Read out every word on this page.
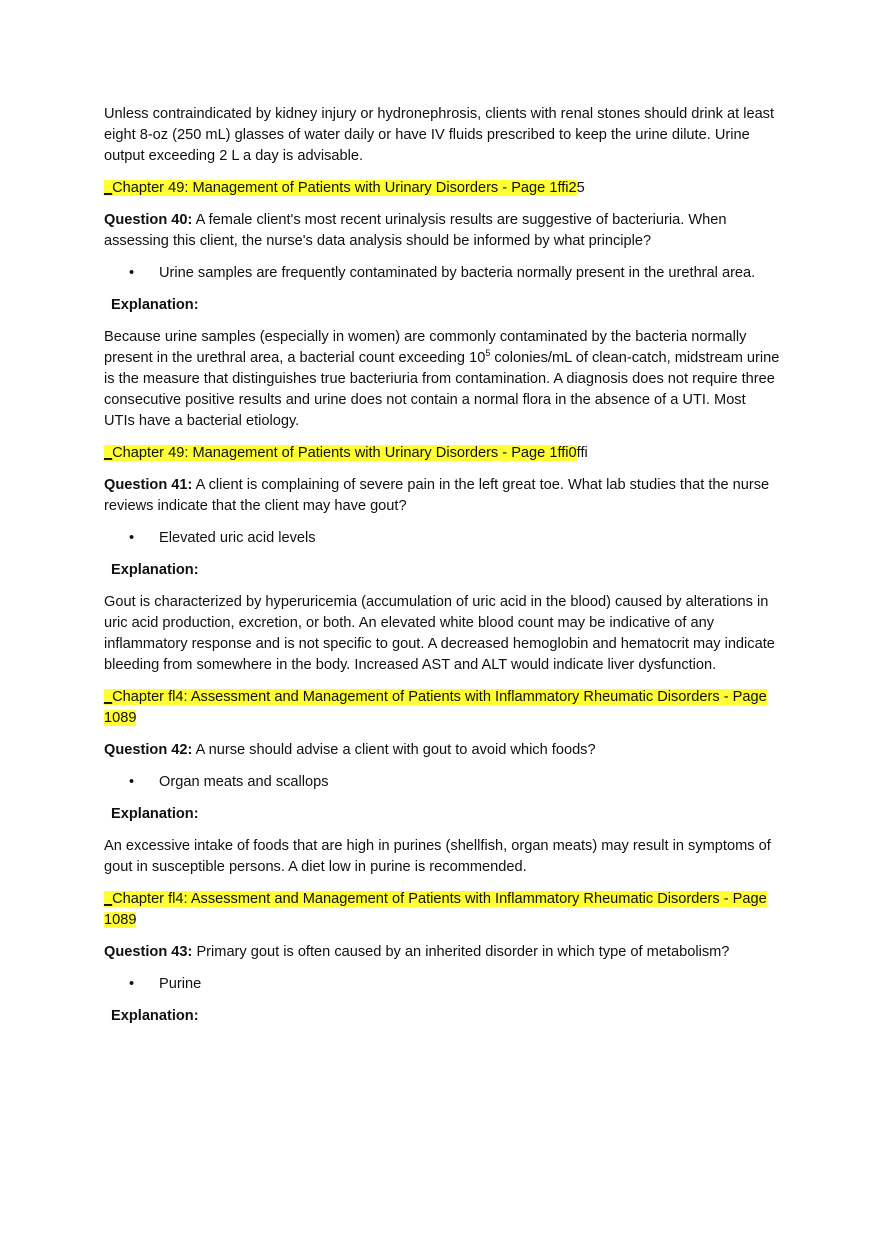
Unless contraindicated by kidney injury or hydronephrosis, clients with renal stones should drink at least eight 8-oz (250 mL) glasses of water daily or have IV fluids prescribed to keep the urine dilute. Urine output exceeding 2 L a day is advisable.

_Chapter 49: Management of Patients with Urinary Disorders - Page 1ffi25

Question 40: A female client's most recent urinalysis results are suggestive of bacteriuria. When assessing this client, the nurse's data analysis should be informed by what principle?

• Urine samples are frequently contaminated by bacteria normally present in the urethral area.

Explanation:

Because urine samples (especially in women) are commonly contaminated by the bacteria normally present in the urethral area, a bacterial count exceeding $10^5$ colonies/mL of clean-catch, midstream urine is the measure that distinguishes true bacteriuria from contamination. A diagnosis does not require three consecutive positive results and urine does not contain a normal flora in the absence of a UTI. Most UTIs have a bacterial etiology.

_Chapter 49: Management of Patients with Urinary Disorders - Page 1ffi0ffi

Question 41: A client is complaining of severe pain in the left great toe. What lab studies that the nurse reviews indicate that the client may have gout?

• Elevated uric acid levels

Explanation:

Gout is characterized by hyperuricemia (accumulation of uric acid in the blood) caused by alterations in uric acid production, excretion, or both. An elevated white blood count may be indicative of any inflammatory response and is not specific to gout. A decreased hemoglobin and hematocrit may indicate bleeding from somewhere in the body. Increased AST and ALT would indicate liver dysfunction.

_Chapter fl4: Assessment and Management of Patients with Inflammatory Rheumatic Disorders - Page
1089

Question 42: A nurse should advise a client with gout to avoid which foods?

• Organ meats and scallops

Explanation:

An excessive intake of foods that are high in purines (shellfish, organ meats) may result in symptoms of gout in susceptible persons. A diet low in purine is recommended.

_Chapter fl4: Assessment and Management of Patients with Inflammatory Rheumatic Disorders - Page
1089

Question 43: Primary gout is often caused by an inherited disorder in which type of metabolism?

• Purine

Explanation:
